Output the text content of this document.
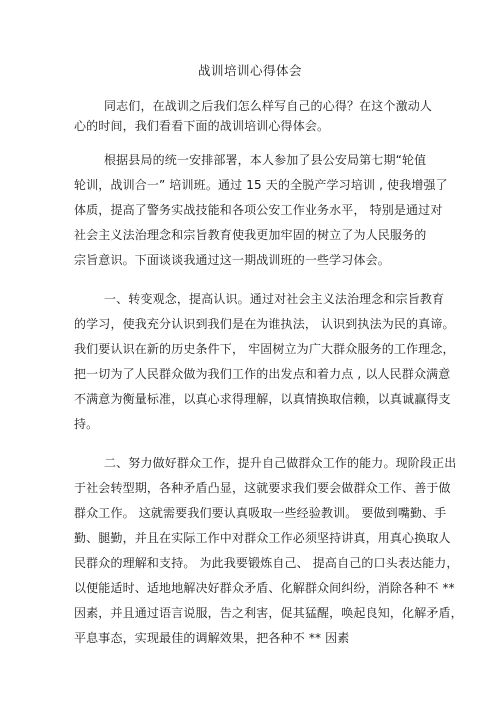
战训培训心得体会
同志们，在战训之后我们怎么样写自己的心得？在这个激动人
心的时间，我们看看下面的战训培训心得体会。
根据县局的统一安排部署，本人参加了县公安局第七期“轮值
轮训，战训合一” 培训班。通过 15 天的全脱产学习培训 , 使我增强了
体质，提高了警务实战技能和各项公安工作业务水平， 特别是通过对
社会主义法治理念和宗旨教育使我更加牢固的树立了为人民服务的
宗旨意识。下面谈谈我通过这一期战训班的一些学习体会。
一、转变观念，提高认识。通过对社会主义法治理念和宗旨教育
的学习，使我充分认识到我们是在为谁执法， 认识到执法为民的真谛。
我们要认识在新的历史条件下， 牢固树立为广大群众服务的工作理念，
把一切为了人民群众做为我们工作的出发点和着力点 , 以人民群众满意
不满意为衡量标准，以真心求得理解，以真情换取信赖，以真诚赢得支
持。
二、努力做好群众工作，提升自己做群众工作的能力。现阶段正出
于社会转型期，各种矛盾凸显，这就要求我们要会做群众工作、善于做
群众工作。 这就需要我们要认真吸取一些经验教训。 要做到嘴勤、手
勤、腿勤，并且在实际工作中对群众工作必须坚持讲真，用真心换取人
民群众的理解和支持。 为此我要锻炼自己、 提高自己的口头表达能力，
以便能适时、适地地解决好群众矛盾、化解群众间纠纷，消除各种不 **
因素，并且通过语言说服，告之利害，促其猛醒，唤起良知，化解矛盾，
平息事态，实现最佳的调解效果，把各种不 ** 因素
